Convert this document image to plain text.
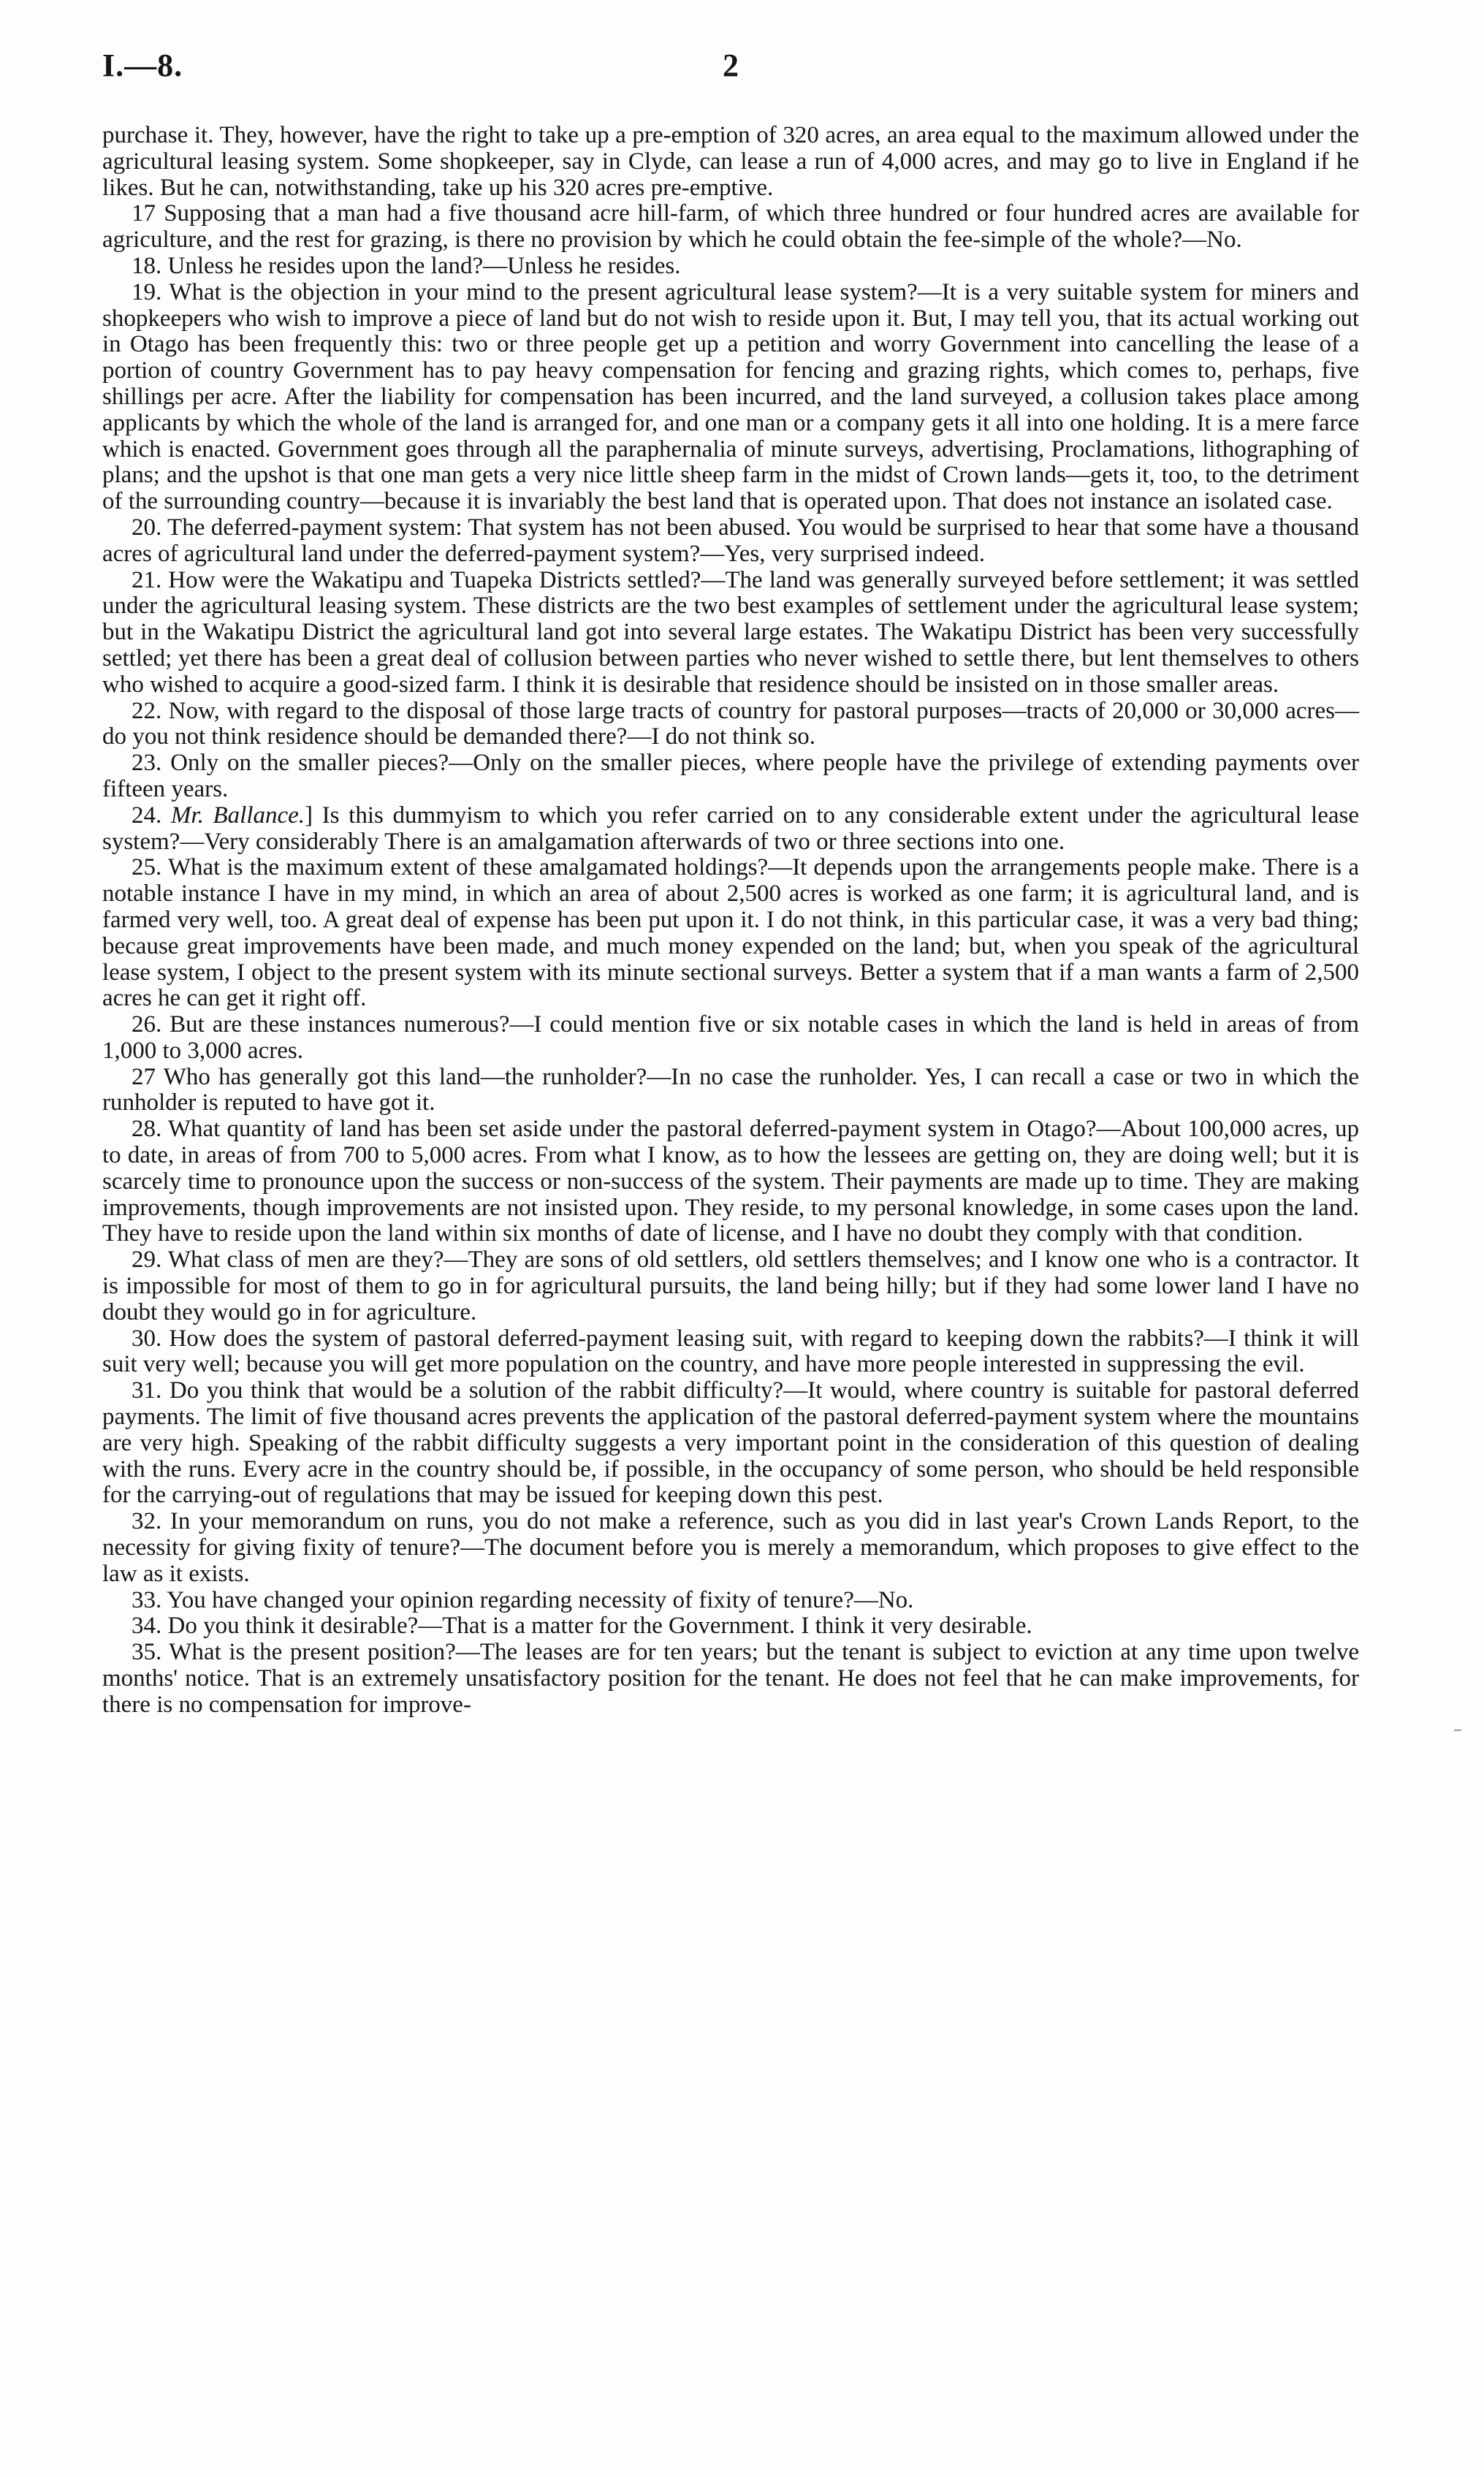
I.—8.	2

purchase it. They, however, have the right to take up a pre-emption of 320 acres, an area equal to the maximum allowed under the agricultural leasing system. Some shopkeeper, say in Clyde, can lease a run of 4,000 acres, and may go to live in England if he likes. But he can, notwithstanding, take up his 320 acres pre-emptive.

17 Supposing that a man had a five thousand acre hill-farm, of which three hundred or four hundred acres are available for agriculture, and the rest for grazing, is there no provision by which he could obtain the fee-simple of the whole?—No.

18. Unless he resides upon the land?—Unless he resides.

19. What is the objection in your mind to the present agricultural lease system?—It is a very suitable system for miners and shopkeepers who wish to improve a piece of land but do not wish to reside upon it. But, I may tell you, that its actual working out in Otago has been frequently this: two or three people get up a petition and worry Government into cancelling the lease of a portion of country Government has to pay heavy compensation for fencing and grazing rights, which comes to, perhaps, five shillings per acre. After the liability for compensation has been incurred, and the land surveyed, a collusion takes place among applicants by which the whole of the land is arranged for, and one man or a company gets it all into one holding. It is a mere farce which is enacted. Government goes through all the paraphernalia of minute surveys, advertising, Proclamations, lithographing of plans; and the upshot is that one man gets a very nice little sheep farm in the midst of Crown lands—gets it, too, to the detriment of the surrounding country—because it is invariably the best land that is operated upon. That does not instance an isolated case.

20. The deferred-payment system: That system has not been abused. You would be surprised to hear that some have a thousand acres of agricultural land under the deferred-payment system?—Yes, very surprised indeed.

21. How were the Wakatipu and Tuapeka Districts settled?—The land was generally surveyed before settlement; it was settled under the agricultural leasing system. These districts are the two best examples of settlement under the agricultural lease system; but in the Wakatipu District the agricultural land got into several large estates. The Wakatipu District has been very successfully settled; yet there has been a great deal of collusion between parties who never wished to settle there, but lent themselves to others who wished to acquire a good-sized farm. I think it is desirable that residence should be insisted on in those smaller areas.

22. Now, with regard to the disposal of those large tracts of country for pastoral purposes—tracts of 20,000 or 30,000 acres—do you not think residence should be demanded there?—I do not think so.

23. Only on the smaller pieces?—Only on the smaller pieces, where people have the privilege of extending payments over fifteen years.

24. Mr. Ballance.] Is this dummyism to which you refer carried on to any considerable extent under the agricultural lease system?—Very considerably There is an amalgamation afterwards of two or three sections into one.

25. What is the maximum extent of these amalgamated holdings?—It depends upon the arrangements people make. There is a notable instance I have in my mind, in which an area of about 2,500 acres is worked as one farm; it is agricultural land, and is farmed very well, too. A great deal of expense has been put upon it. I do not think, in this particular case, it was a very bad thing; because great improvements have been made, and much money expended on the land; but, when you speak of the agricultural lease system, I object to the present system with its minute sectional surveys. Better a system that if a man wants a farm of 2,500 acres he can get it right off.

26. But are these instances numerous?—I could mention five or six notable cases in which the land is held in areas of from 1,000 to 3,000 acres.

27 Who has generally got this land—the runholder?—In no case the runholder. Yes, I can recall a case or two in which the runholder is reputed to have got it.

28. What quantity of land has been set aside under the pastoral deferred-payment system in Otago?—About 100,000 acres, up to date, in areas of from 700 to 5,000 acres. From what I know, as to how the lessees are getting on, they are doing well; but it is scarcely time to pronounce upon the success or non-success of the system. Their payments are made up to time. They are making improvements, though improvements are not insisted upon. They reside, to my personal knowledge, in some cases upon the land. They have to reside upon the land within six months of date of license, and I have no doubt they comply with that condition.

29. What class of men are they?—They are sons of old settlers, old settlers themselves; and I know one who is a contractor. It is impossible for most of them to go in for agricultural pursuits, the land being hilly; but if they had some lower land I have no doubt they would go in for agriculture.

30. How does the system of pastoral deferred-payment leasing suit, with regard to keeping down the rabbits?—I think it will suit very well; because you will get more population on the country, and have more people interested in suppressing the evil.

31. Do you think that would be a solution of the rabbit difficulty?—It would, where country is suitable for pastoral deferred payments. The limit of five thousand acres prevents the application of the pastoral deferred-payment system where the mountains are very high. Speaking of the rabbit difficulty suggests a very important point in the consideration of this question of dealing with the runs. Every acre in the country should be, if possible, in the occupancy of some person, who should be held responsible for the carrying-out of regulations that may be issued for keeping down this pest.

32. In your memorandum on runs, you do not make a reference, such as you did in last year's Crown Lands Report, to the necessity for giving fixity of tenure?—The document before you is merely a memorandum, which proposes to give effect to the law as it exists.

33. You have changed your opinion regarding necessity of fixity of tenure?—No.

34. Do you think it desirable?—That is a matter for the Government. I think it very desirable.

35. What is the present position?—The leases are for ten years; but the tenant is subject to eviction at any time upon twelve months' notice. That is an extremely unsatisfactory position for the tenant. He does not feel that he can make improvements, for there is no compensation for improve-
